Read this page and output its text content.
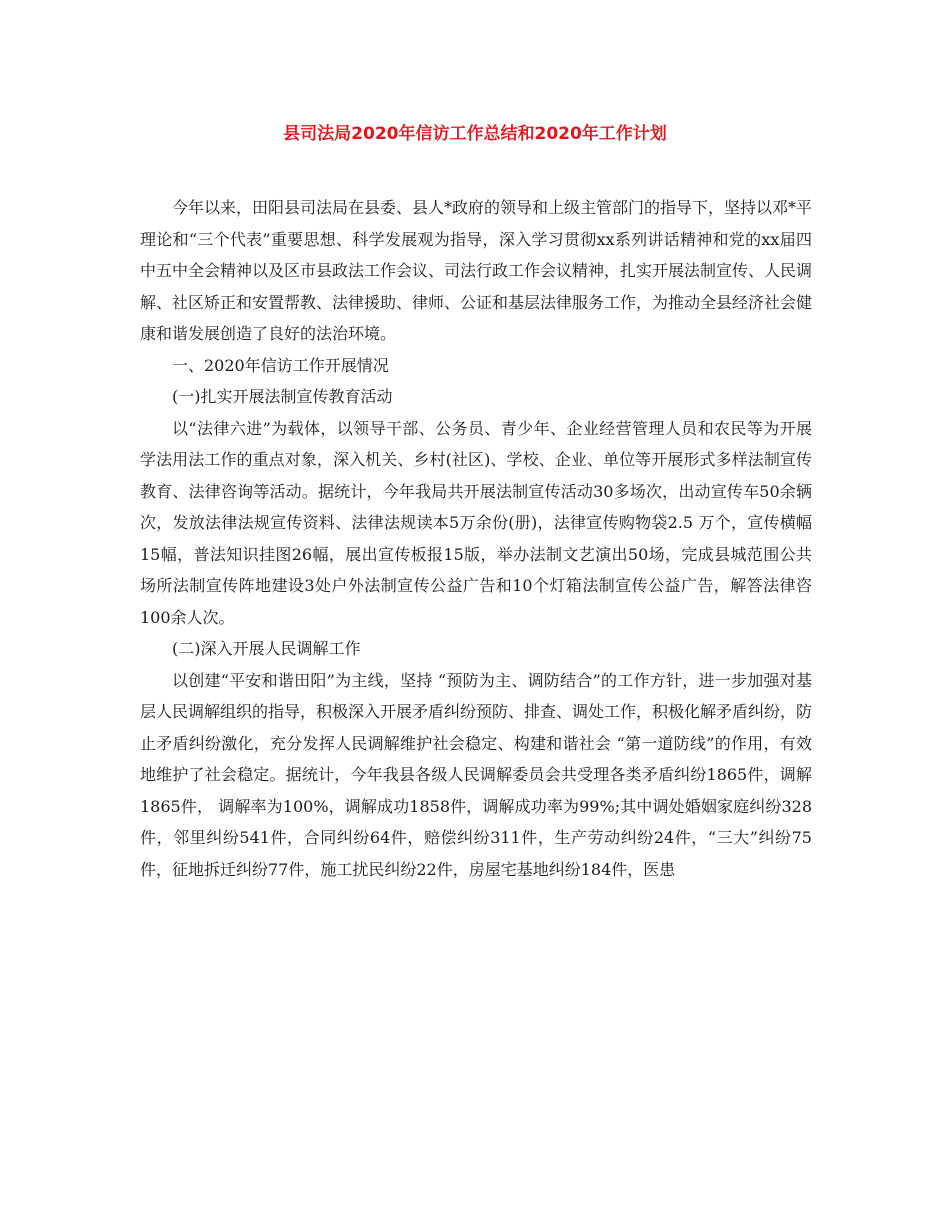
县司法局2020年信访工作总结和2020年工作计划

今年以来，田阳县司法局在县委、县人*政府的领导和上级主管部门的指导下，坚持以邓*平理论和“三个代表”重要思想、科学发展观为指导，深入学习贯彻xx系列讲话精神和党的xx届四中五中全会精神以及区市县政法工作会议、司法行政工作会议精神，扎实开展法制宣传、人民调解、社区矫正和安置帮教、法律援助、律师、公证和基层法律服务工作，为推动全县经济社会健康和谐发展创造了良好的法治环境。

一、2020年信访工作开展情况

(一)扎实开展法制宣传教育活动

以“法律六进”为载体，以领导干部、公务员、青少年、企业经营管理人员和农民等为开展学法用法工作的重点对象，深入机关、乡村(社区)、学校、企业、单位等开展形式多样法制宣传教育、法律咨询等活动。据统计，今年我局共开展法制宣传活动30多场次，出动宣传车50余辆次，发放法律法规宣传资料、法律法规读本5万余份(册)，法律宣传购物袋2.5 万个，宣传横幅15幅，普法知识挂图26幅，展出宣传板报15版，举办法制文艺演出50场，完成县城范围公共场所法制宣传阵地建设3处户外法制宣传公益广告和10个灯箱法制宣传公益广告，解答法律咨100余人次。

(二)深入开展人民调解工作

以创建“平安和谐田阳”为主线，坚持 “预防为主、调防结合”的工作方针，进一步加强对基层人民调解组织的指导，积极深入开展矛盾纠纷预防、排查、调处工作，积极化解矛盾纠纷，防止矛盾纠纷激化，充分发挥人民调解维护社会稳定、构建和谐社会 “第一道防线”的作用，有效地维护了社会稳定。据统计，今年我县各级人民调解委员会共受理各类矛盾纠纷1865件，调解1865件， 调解率为100%，调解成功1858件，调解成功率为99%;其中调处婚姻家庭纠纷328件，邻里纠纷541件，合同纠纷64件，赔偿纠纷311件，生产劳动纠纷24件，“三大”纠纷75件，征地拆迁纠纷77件，施工扰民纠纷22件，房屋宅基地纠纷184件，医患
